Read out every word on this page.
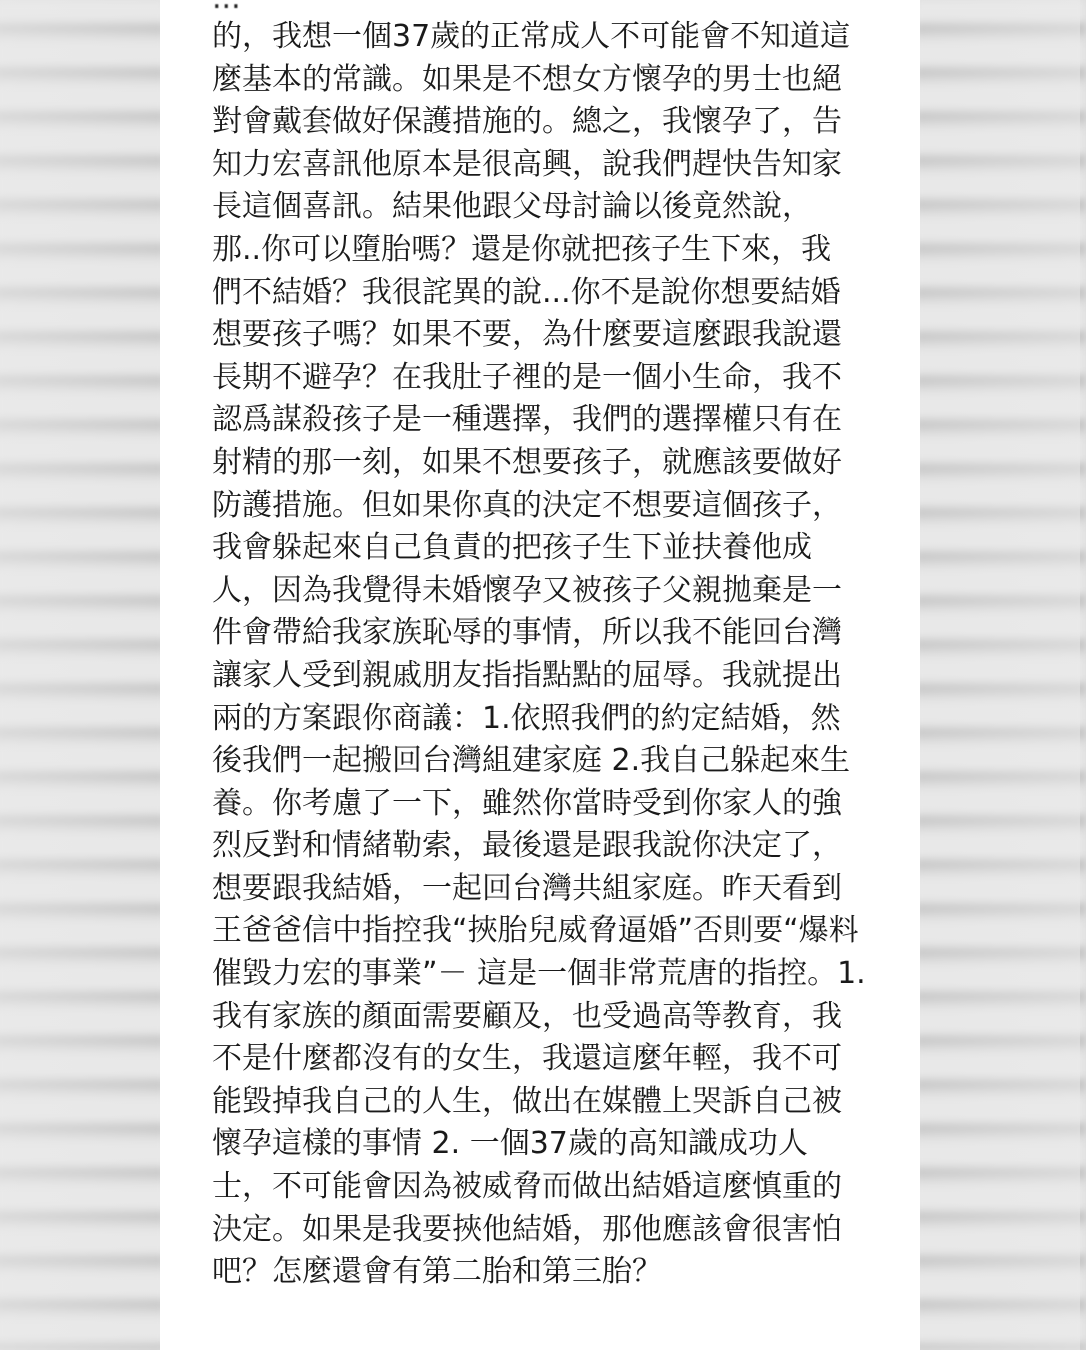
的，我想一個37歲的正常成人不可能會不知道這
麼基本的常識。如果是不想女方懷孕的男士也絕
對會戴套做好保護措施的。總之，我懷孕了，告
知力宏喜訊他原本是很高興，說我們趕快告知家
長這個喜訊。結果他跟父母討論以後竟然說，
那..你可以墮胎嗎？還是你就把孩子生下來，我
們不結婚？我很詫異的說...你不是說你想要結婚
想要孩子嗎？如果不要，為什麼要這麼跟我說還
長期不避孕？在我肚子裡的是一個小生命，我不
認爲謀殺孩子是一種選擇，我們的選擇權只有在
射精的那一刻，如果不想要孩子，就應該要做好
防護措施。但如果你真的決定不想要這個孩子，
我會躲起來自己負責的把孩子生下並扶養他成
人，因為我覺得未婚懷孕又被孩子父親拋棄是一
件會帶給我家族恥辱的事情，所以我不能回台灣
讓家人受到親戚朋友指指點點的屈辱。我就提出
兩的方案跟你商議：1.依照我們的約定結婚，然
後我們一起搬回台灣組建家庭 2.我自己躲起來生
養。你考慮了一下，雖然你當時受到你家人的強
烈反對和情緒勒索，最後還是跟我說你決定了，
想要跟我結婚，一起回台灣共組家庭。昨天看到
王爸爸信中指控我“挾胎兒威脅逼婚”否則要“爆料
催毀力宏的事業”－ 這是一個非常荒唐的指控。1.
我有家族的顏面需要顧及，也受過高等教育，我
不是什麼都沒有的女生，我還這麼年輕，我不可
能毀掉我自己的人生，做出在媒體上哭訴自己被
懷孕這樣的事情 2. 一個37歲的高知識成功人
士，不可能會因為被威脅而做出結婚這麼慎重的
決定。如果是我要挾他結婚，那他應該會很害怕
吧？怎麼還會有第二胎和第三胎？
